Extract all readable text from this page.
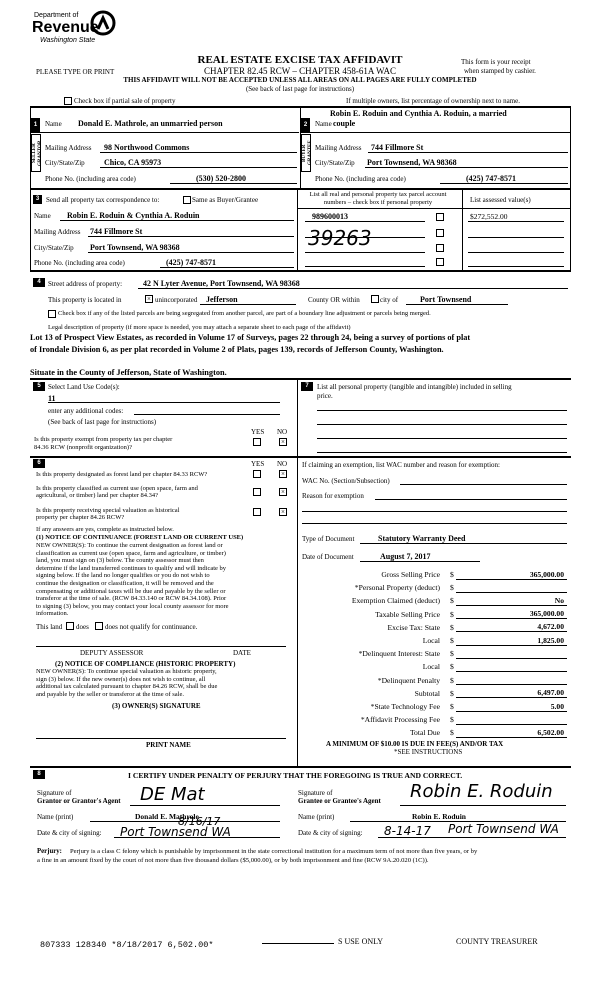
Department of
Revenue
Washington State
REAL ESTATE EXCISE TAX AFFIDAVIT
PLEASE TYPE OR PRINT	CHAPTER 82.45 RCW – CHAPTER 458-61A WAC
This form is your receipt
when stamped by cashier.
THIS AFFIDAVIT WILL NOT BE ACCEPTED UNLESS ALL AREAS ON ALL PAGES ARE FULLY COMPLETED
(See back of last page for instructions)
Check box if partial sale of property	If multiple owners, list percentage of ownership next to name.
1	Name Donald E. Mathrole, an unmarried person
SELLER GRANTOR Mailing Address 98 Northwood Commons
City/State/Zip Chico, CA 95973
Phone No. (including area code)	(530) 520-2800
Robin E. Roduin and Cynthia A. Roduin, a married
2	Name couple
BUYER GRANTEE Mailing Address 744 Fillmore St
City/State/Zip Port Townsend, WA 98368
Phone No. (including area code)	(425) 747-8571
3 Send all property tax correspondence to:	Same as Buyer/Grantee
List all real and personal property tax parcel account numbers – check box if personal property	List assessed value(s)
Name Robin E. Roduin & Cynthia A. Roduin
Mailing Address 744 Fillmore St
City/State/Zip Port Townsend, WA 98368
Phone No. (including area code)	(425) 747-8571
989600013	$272,552.00
39263
4	Street address of property:	42 N Lyter Avenue, Port Townsend, WA 98368
This property is located in	× unincorporated Jefferson	County OR within	city of	Port Townsend
Check box if any of the listed parcels are being segregated from another parcel, are part of a boundary line adjustment or parcels being merged.
Legal description of property (if more space is needed, you may attach a separate sheet to each page of the affidavit)
Lot 13 of Prospect View Estates, as recorded in Volume 17 of Surveys, pages 22 through 24, being a survey of portions of plat
of Irondale Division 6, as per plat recorded in Volume 2 of Plats, pages 139, records of Jefferson County, Washington.
Situate in the County of Jefferson, State of Washington.
5	Select Land Use Code(s):
11
enter any additional codes:
(See back of last page for instructions)
YES NO
Is this property exempt from property tax per chapter
84.36 RCW (nonprofit organization)?
×
6	YES NO
Is this property designated as forest land per chapter 84.33 RCW?	×
Is this property classified as current use (open space, farm and
agricultural, or timber) land per chapter 84.34?	×
Is this property receiving special valuation as historical
property per chapter 84.26 RCW?
×
If any answers are yes, complete as instructed below.
(1) NOTICE OF CONTINUANCE (FOREST LAND OR CURRENT USE)
NEW OWNER(S): To continue the current designation as forest land or
classification as current use (open space, farm and agriculture, or timber)
land, you must sign on (3) below. The county assessor must then
determine if the land transferred continues to qualify and will indicate by
signing below. If the land no longer qualifies or you do not wish to
continue the designation or classification, it will be removed and the
compensating or additional taxes will be due and payable by the seller or
transferor at the time of sale. (RCW 84.33.140 or RCW 84.34.108). Prior
to signing (3) below, you may contact your local county assessor for more
information.
This land does does not qualify for continuance.
DEPUTY ASSESSOR	DATE
(2) NOTICE OF COMPLIANCE (HISTORIC PROPERTY)
NEW OWNER(S): To continue special valuation as historic property,
sign (3) below. If the new owner(s) does not wish to continue, all
additional tax calculated pursuant to chapter 84.26 RCW, shall be due
and payable by the seller or transferor at the time of sale.
(3) OWNER(S) SIGNATURE
PRINT NAME
7	List all personal property (tangible and intangible) included in selling
price.
If claiming an exemption, list WAC number and reason for exemption:
WAC No. (Section/Subsection)
Reason for exemption
Type of Document	Statutory Warranty Deed
Date of Document	August 7, 2017
Gross Selling Price $	365,000.00
*Personal Property (deduct) $
Exemption Claimed (deduct) $	No
Taxable Selling Price $	365,000.00
Excise Tax: State $	4,672.00
Local $	1,825.00
*Delinquent Interest: State $
Local $
*Delinquent Penalty $
Subtotal $	6,497.00
*State Technology Fee $	5.00
*Affidavit Processing Fee $
Total Due $	6,502.00
A MINIMUM OF $10.00 IS DUE IN FEE(S) AND/OR TAX
*SEE INSTRUCTIONS
8	I CERTIFY UNDER PENALTY OF PERJURY THAT THE FOREGOING IS TRUE AND CORRECT.
Signature of
Grantor or Grantor's Agent DE Mat
Name (print)	Donald E. Mathrole
8/16/17
Date & city of signing: Port Townsend WA
Signature of
Grantee or Grantee's Agent Robin E. Roduin
Name (print)	Robin E. Roduin
Date & city of signing: 8-14-17 Port Townsend WA
Perjury: Perjury is a class C felony which is punishable by imprisonment in the state correctional institution for a maximum term of not more than five years, or by
a fine in an amount fixed by the court of not more than five thousand dollars ($5,000.00), or by both imprisonment and fine (RCW 9A.20.020 (1C)).
807333 128340 *8/18/2017 6,502.00*	S USE ONLY	COUNTY TREASURER
